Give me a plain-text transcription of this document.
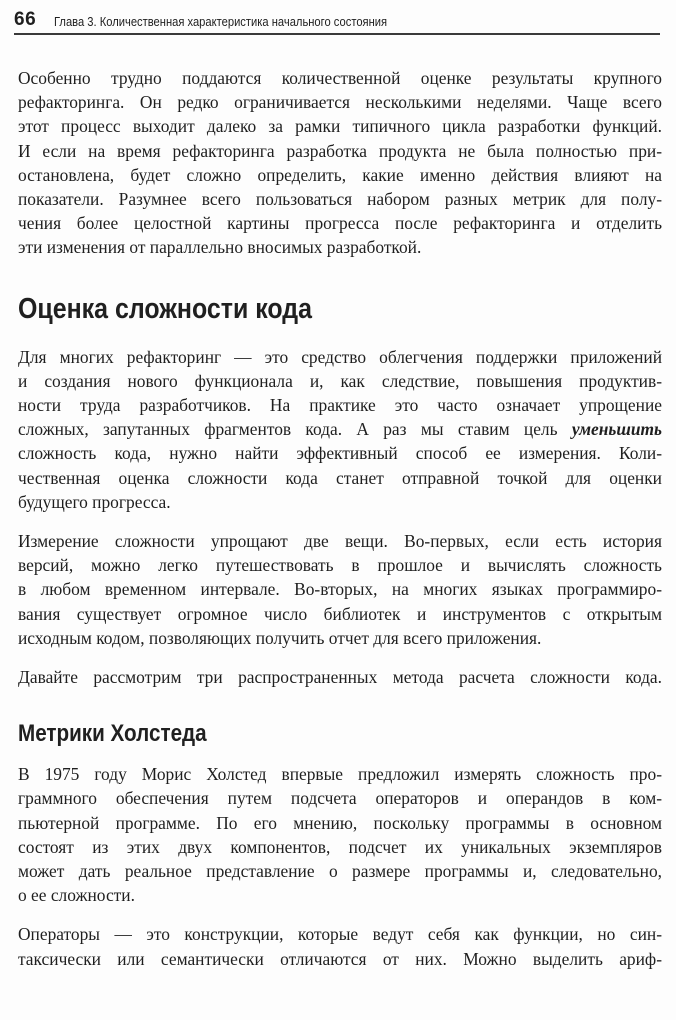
66 Глава 3. Количественная характеристика начального состояния

Особенно трудно поддаются количественной оценке результаты крупного
рефакторинга. Он редко ограничивается несколькими неделями. Чаще всего
этот процесс выходит далеко за рамки типичного цикла разработки функций.
И если на время рефакторинга разработка продукта не была полностью при-
остановлена, будет сложно определить, какие именно действия влияют на
показатели. Разумнее всего пользоваться набором разных метрик для полу-
чения более целостной картины прогресса после рефакторинга и отделить
эти изменения от параллельно вносимых разработкой.

Оценка сложности кода

Для многих рефакторинг — это средство облегчения поддержки приложений
и создания нового функционала и, как следствие, повышения продуктив-
ности труда разработчиков. На практике это часто означает упрощение
сложных, запутанных фрагментов кода. А раз мы ставим цель уменьшить
сложность кода, нужно найти эффективный способ ее измерения. Коли-
чественная оценка сложности кода станет отправной точкой для оценки
будущего прогресса.

Измерение сложности упрощают две вещи. Во-первых, если есть история
версий, можно легко путешествовать в прошлое и вычислять сложность
в любом временном интервале. Во-вторых, на многих языках программиро-
вания существует огромное число библиотек и инструментов с открытым
исходным кодом, позволяющих получить отчет для всего приложения.

Давайте рассмотрим три распространенных метода расчета сложности кода.

Метрики Холстеда

В 1975 году Морис Холстед впервые предложил измерять сложность про-
граммного обеспечения путем подсчета операторов и операндов в ком-
пьютерной программе. По его мнению, поскольку программы в основном
состоят из этих двух компонентов, подсчет их уникальных экземпляров
может дать реальное представление о размере программы и, следовательно,
о ее сложности.

Операторы — это конструкции, которые ведут себя как функции, но син-
таксически или семантически отличаются от них. Можно выделить ариф-
